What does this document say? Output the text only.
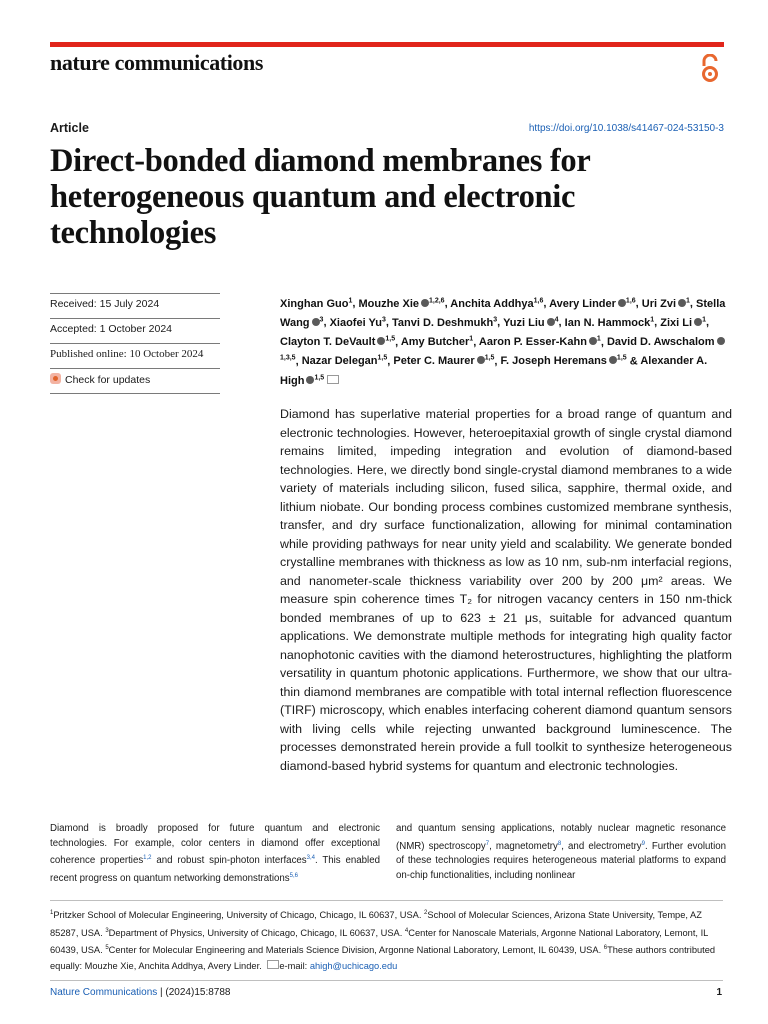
nature communications
Article	https://doi.org/10.1038/s41467-024-53150-3
Direct-bonded diamond membranes for heterogeneous quantum and electronic technologies
Received: 15 July 2024
Accepted: 1 October 2024
Published online: 10 October 2024
Check for updates
Xinghan Guo$^1$, Mouzhe Xie $^{1,2,6}$, Anchita Addhya$^{1,6}$, Avery Linder $^{1,6}$, Uri Zvi $^1$, Stella Wang $^3$, Xiaofei Yu$^3$, Tanvi D. Deshmukh$^3$, Yuzi Liu $^4$, Ian N. Hammock$^1$, Zixi Li $^1$, Clayton T. DeVault $^{1,5}$, Amy Butcher$^1$, Aaron P. Esser-Kahn $^1$, David D. Awschalom$^{1,3,5}$, Nazar Delegan$^{1,5}$, Peter C. Maurer $^{1,5}$, F. Joseph Heremans $^{1,5}$ & Alexander A. High $^{1,5}$
Diamond has superlative material properties for a broad range of quantum and electronic technologies. However, heteroepitaxial growth of single crystal diamond remains limited, impeding integration and evolution of diamond-based technologies. Here, we directly bond single-crystal diamond membranes to a wide variety of materials including silicon, fused silica, sapphire, thermal oxide, and lithium niobate. Our bonding process combines customized membrane synthesis, transfer, and dry surface functionalization, allowing for minimal contamination while providing pathways for near unity yield and scalability. We generate bonded crystalline membranes with thickness as low as 10 nm, sub-nm interfacial regions, and nanometer-scale thickness variability over 200 by 200 μm² areas. We measure spin coherence times T₂ for nitrogen vacancy centers in 150 nm-thick bonded membranes of up to 623 ± 21 μs, suitable for advanced quantum applications. We demonstrate multiple methods for integrating high quality factor nanophotonic cavities with the diamond heterostructures, highlighting the platform versatility in quantum photonic applications. Furthermore, we show that our ultra-thin diamond membranes are compatible with total internal reflection fluorescence (TIRF) microscopy, which enables interfacing coherent diamond quantum sensors with living cells while rejecting unwanted background luminescence. The processes demonstrated herein provide a full toolkit to synthesize heterogeneous diamond-based hybrid systems for quantum and electronic technologies.
Diamond is broadly proposed for future quantum and electronic technologies. For example, color centers in diamond offer exceptional coherence properties$^{1,2}$ and robust spin-photon interfaces$^{3,4}$. This enabled recent progress on quantum networking demonstrations$^{5,6}$
and quantum sensing applications, notably nuclear magnetic resonance (NMR) spectroscopy$^7$, magnetometry$^8$, and electrometry$^9$. Further evolution of these technologies requires heterogeneous material platforms to expand on-chip functionalities, including nonlinear
$^1$Pritzker School of Molecular Engineering, University of Chicago, Chicago, IL 60637, USA. $^2$School of Molecular Sciences, Arizona State University, Tempe, AZ 85287, USA. $^3$Department of Physics, University of Chicago, Chicago, IL 60637, USA. $^4$Center for Nanoscale Materials, Argonne National Laboratory, Lemont, IL 60439, USA. $^5$Center for Molecular Engineering and Materials Science Division, Argonne National Laboratory, Lemont, IL 60439, USA. $^6$These authors contributed equally: Mouzhe Xie, Anchita Addhya, Avery Linder. e-mail: ahigh@uchicago.edu
Nature Communications | (2024)15:8788	1
